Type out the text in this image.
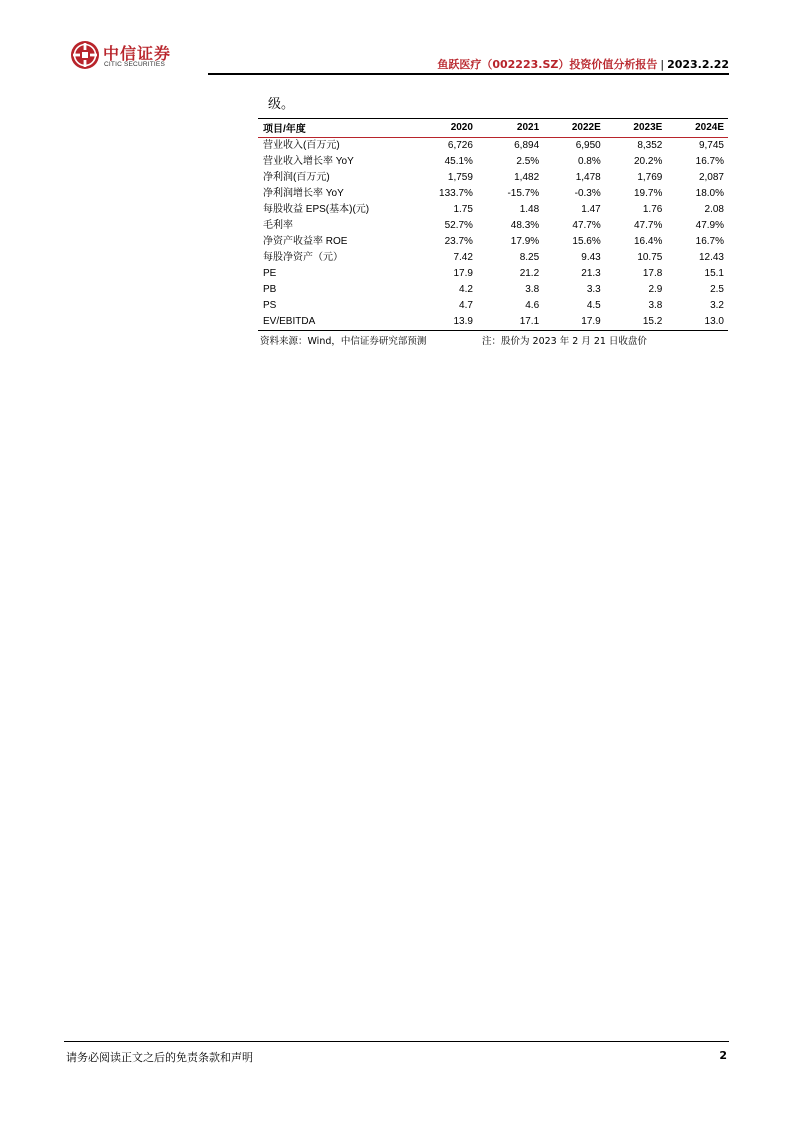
中信证券
CITIC SECURITIES	鱼跃医疗（002223.SZ）投资价值分析报告 | 2023.2.22
级。
项目/年度	2020	2021	2022E	2023E	2024E
营业收入(百万元)	6,726	6,894	6,950	8,352	9,745
营业收入增长率 YoY	45.1%	2.5%	0.8%	20.2%	16.7%
净利润(百万元)	1,759	1,482	1,478	1,769	2,087
净利润增长率 YoY	133.7%	-15.7%	-0.3%	19.7%	18.0%
每股收益 EPS(基本)(元)	1.75	1.48	1.47	1.76	2.08
毛利率	52.7%	48.3%	47.7%	47.7%	47.9%
净资产收益率 ROE	23.7%	17.9%	15.6%	16.4%	16.7%
每股净资产（元）	7.42	8.25	9.43	10.75	12.43
PE	17.9	21.2	21.3	17.8	15.1
PB	4.2	3.8	3.3	2.9	2.5
PS	4.7	4.6	4.5	3.8	3.2
EV/EBITDA	13.9	17.1	17.9	15.2	13.0
资料来源：Wind，中信证券研究部预测	注：股价为 2023 年 2 月 21 日收盘价
请务必阅读正文之后的免责条款和声明	2
